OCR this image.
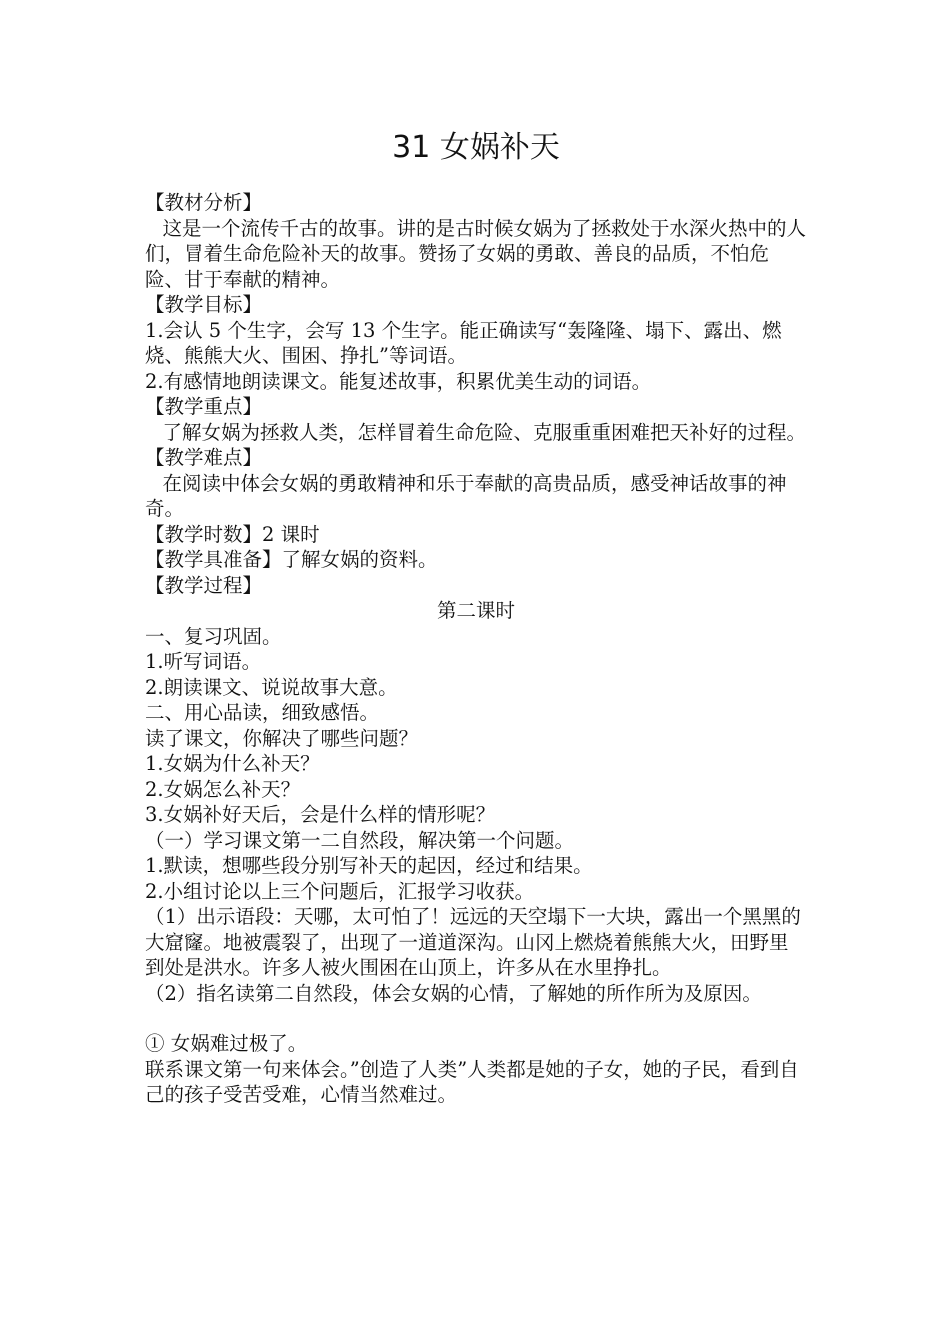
31 女娲补天

【教材分析】

这是一个流传千古的故事。讲的是古时候女娲为了拯救处于水深火热中的人们，冒着生命危险补天的故事。赞扬了女娲的勇敢、善良的品质，不怕危险、甘于奉献的精神。

【教学目标】

1.会认 5 个生字，会写 13 个生字。能正确读写“轰隆隆、塌下、露出、燃烧、熊熊大火、围困、挣扎”等词语。

2.有感情地朗读课文。能复述故事，积累优美生动的词语。

【教学重点】

了解女娲为拯救人类，怎样冒着生命危险、克服重重困难把天补好的过程。

【教学难点】

在阅读中体会女娲的勇敢精神和乐于奉献的高贵品质，感受神话故事的神奇。

【教学时数】2 课时

【教学具准备】了解女娲的资料。

【教学过程】

第二课时

一、复习巩固。

1.听写词语。

2.朗读课文、说说故事大意。

二、用心品读，细致感悟。

读了课文，你解决了哪些问题？

1.女娲为什么补天？

2.女娲怎么补天？

3.女娲补好天后，会是什么样的情形呢？

（一）学习课文第一二自然段，解决第一个问题。

1.默读，想哪些段分别写补天的起因，经过和结果。

2.小组讨论以上三个问题后，汇报学习收获。

（1）出示语段：天哪，太可怕了！远远的天空塌下一大块，露出一个黑黑的大窟窿。地被震裂了，出现了一道道深沟。山冈上燃烧着熊熊大火，田野里到处是洪水。许多人被火围困在山顶上，许多从在水里挣扎。

（2）指名读第二自然段，体会女娲的心情，了解她的所作所为及原因。

① 女娲难过极了。

联系课文第一句来体会。”创造了人类”人类都是她的子女，她的子民，看到自己的孩子受苦受难，心情当然难过。
